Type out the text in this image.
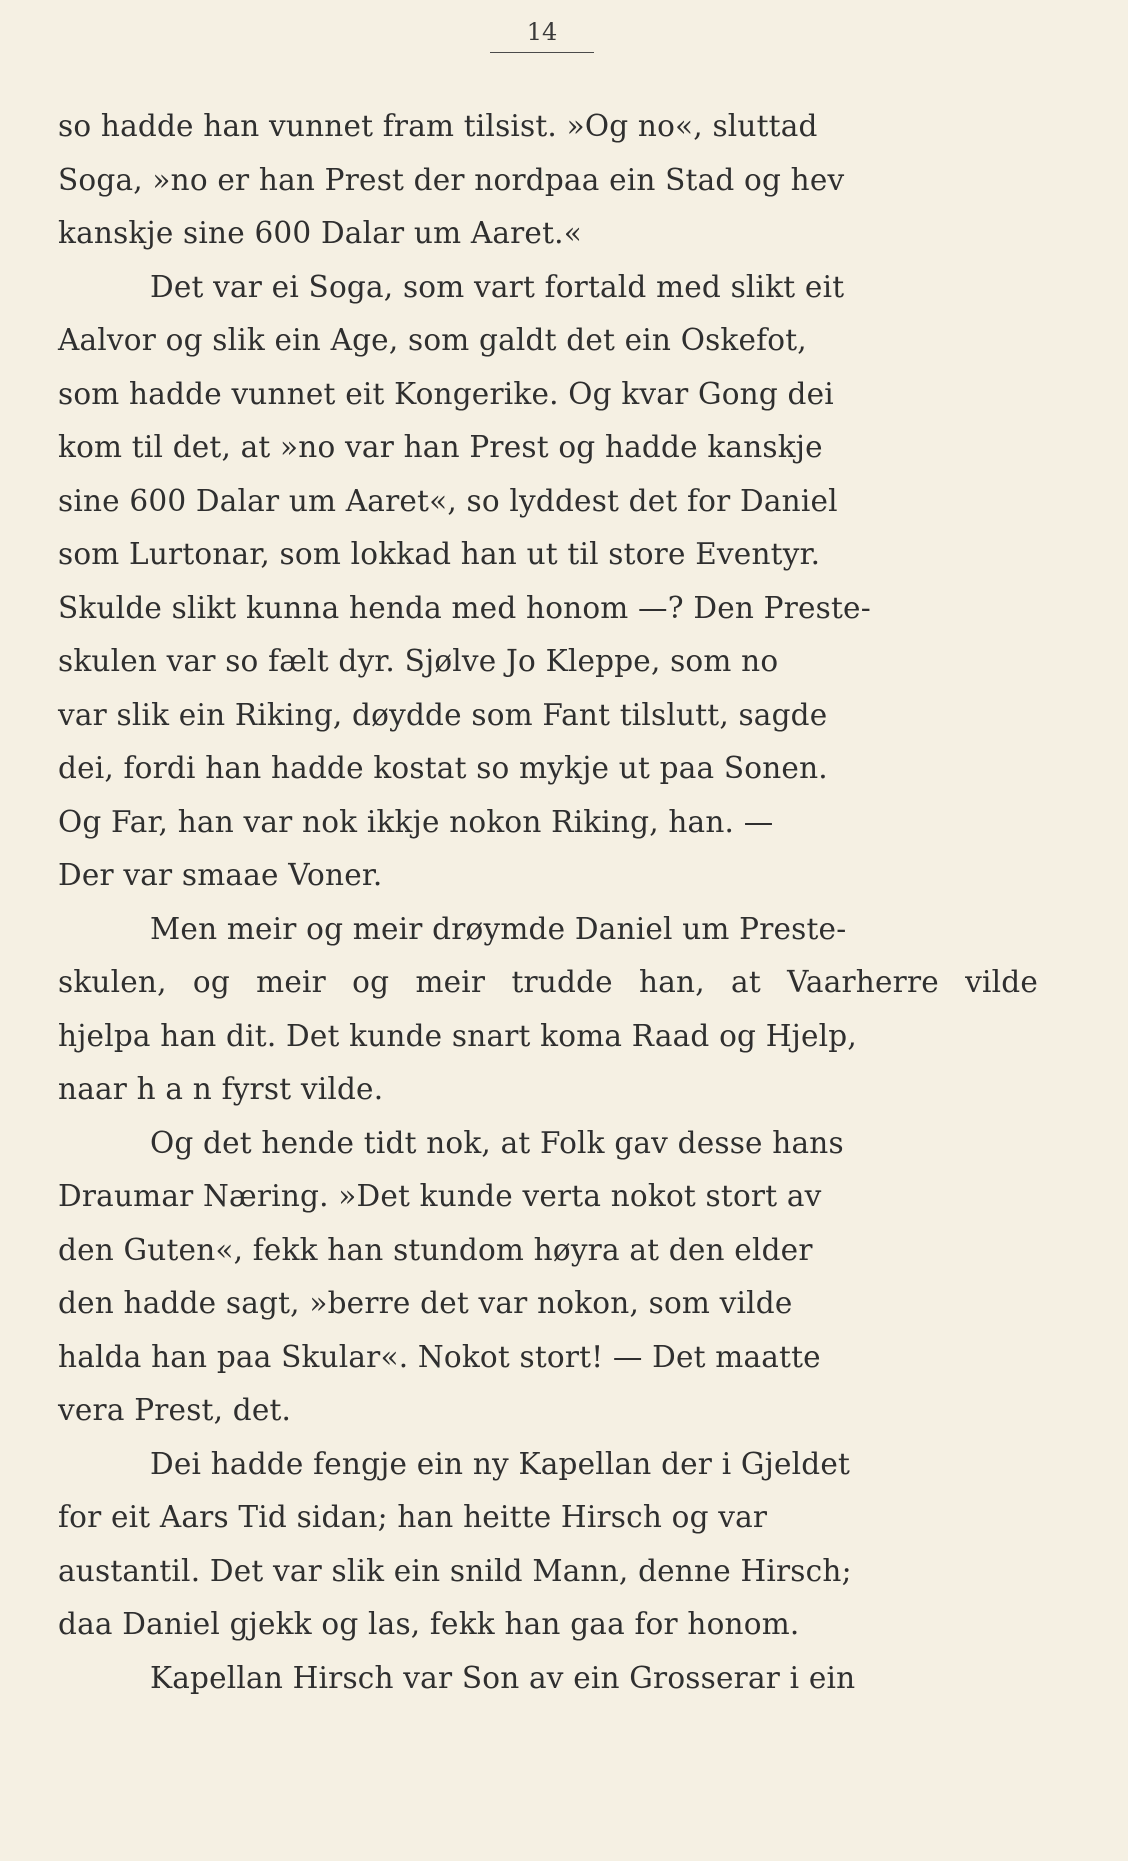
14
so hadde han vunnet fram tilsist. »Og no«, sluttad
Soga, »no er han Prest der nordpaa ein Stad og hev
kanskje sine 600 Dalar um Aaret.«
Det var ei Soga, som vart fortald med slikt eit
Aalvor og slik ein Age, som galdt det ein Oskefot,
som hadde vunnet eit Kongerike. Og kvar Gong dei
kom til det, at »no var han Prest og hadde kanskje
sine 600 Dalar um Aaret«, so lyddest det for Daniel
som Lurtonar, som lokkad han ut til store Eventyr.
Skulde slikt kunna henda med honom —? Den Preste-
skulen var so fælt dyr. Sjølve Jo Kleppe, som no
var slik ein Riking, døydde som Fant tilslutt, sagde
dei, fordi han hadde kostat so mykje ut paa Sonen.
Og Far, han var nok ikkje nokon Riking, han. —
Der var smaae Voner.
Men meir og meir drøymde Daniel um Preste-
skulen, og meir og meir trudde han, at Vaarherre vilde
hjelpa han dit. Det kunde snart koma Raad og Hjelp,
naar h a n fyrst vilde.
Og det hende tidt nok, at Folk gav desse hans
Draumar Næring. »Det kunde verta nokot stort av
den Guten«, fekk han stundom høyra at den elder
den hadde sagt, »berre det var nokon, som vilde
halda han paa Skular«. Nokot stort! — Det maatte
vera Prest, det.
Dei hadde fengje ein ny Kapellan der i Gjeldet
for eit Aars Tid sidan; han heitte Hirsch og var
austantil. Det var slik ein snild Mann, denne Hirsch;
daa Daniel gjekk og las, fekk han gaa for honom.
Kapellan Hirsch var Son av ein Grosserar i ein
